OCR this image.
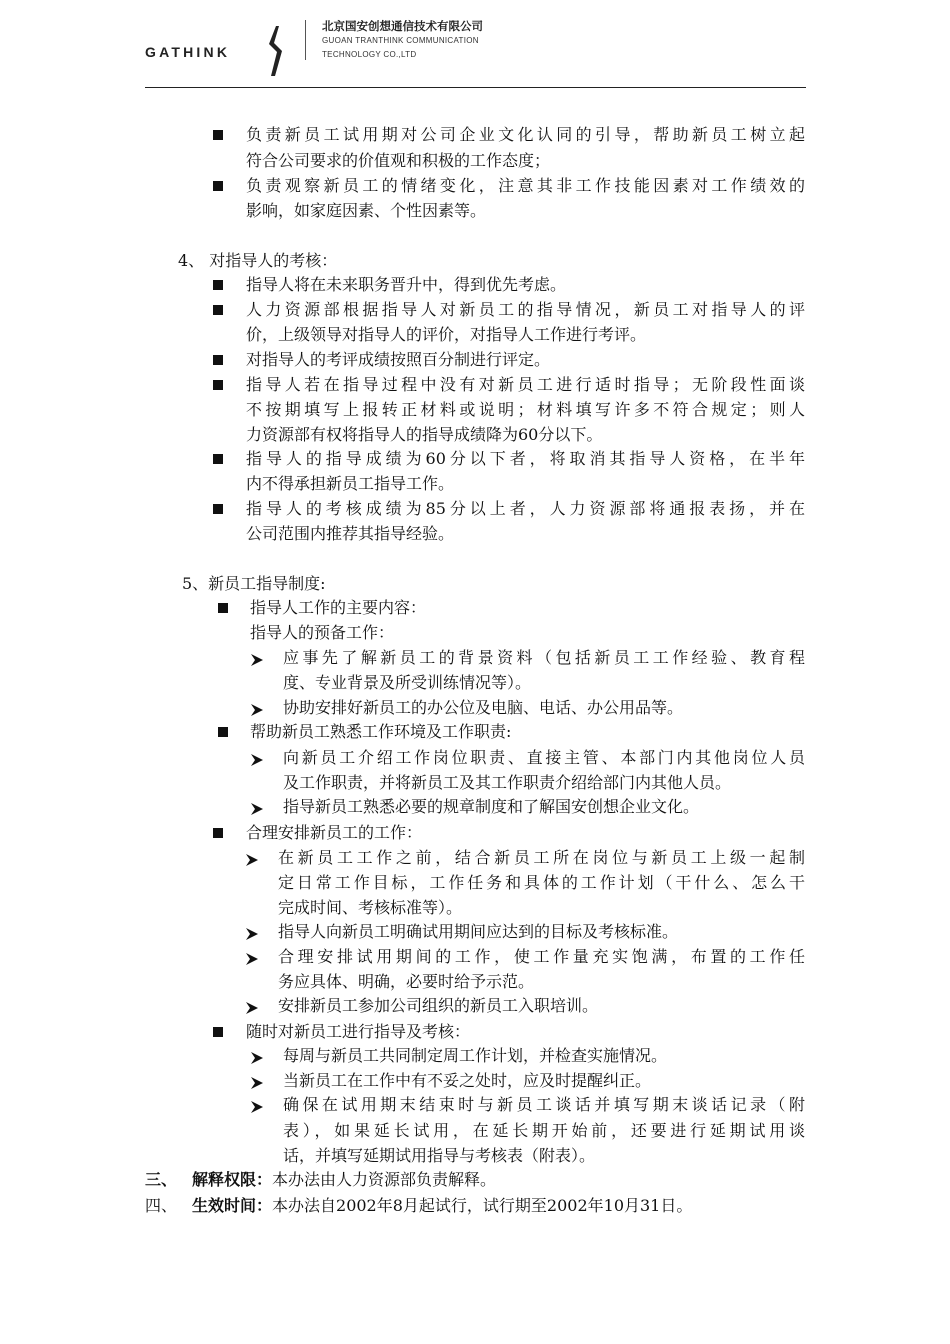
GATHINK
北京国安创想通信技术有限公司
GUOAN TRANTHINK COMMUNICATION
TECHNOLOGY CO.,LTD
负责新员工试用期对公司企业文化认同的引导，帮助新员工树立起
符合公司要求的价值观和积极的工作态度；
负责观察新员工的情绪变化，注意其非工作技能因素对工作绩效的
影响，如家庭因素、个性因素等。
4、 对指导人的考核：
指导人将在未来职务晋升中，得到优先考虑。
人力资源部根据指导人对新员工的指导情况，新员工对指导人的评
价，上级领导对指导人的评价，对指导人工作进行考评。
对指导人的考评成绩按照百分制进行评定。
指导人若在指导过程中没有对新员工进行适时指导；无阶段性面谈
不按期填写上报转正材料或说明；材料填写许多不符合规定；则人
力资源部有权将指导人的指导成绩降为60分以下。
指导人的指导成绩为60分以下者，将取消其指导人资格，在半年
内不得承担新员工指导工作。
指导人的考核成绩为85分以上者，人力资源部将通报表扬，并在
公司范围内推荐其指导经验。
5、新员工指导制度:
指导人工作的主要内容：
指导人的预备工作：
应事先了解新员工的背景资料（包括新员工工作经验、教育程
度、专业背景及所受训练情况等）。
协助安排好新员工的办公位及电脑、电话、办公用品等。
帮助新员工熟悉工作环境及工作职责:
向新员工介绍工作岗位职责、直接主管、本部门内其他岗位人员
及工作职责，并将新员工及其工作职责介绍给部门内其他人员。
指导新员工熟悉必要的规章制度和了解国安创想企业文化。
合理安排新员工的工作：
在新员工工作之前，结合新员工所在岗位与新员工上级一起制
定日常工作目标，工作任务和具体的工作计划（干什么、怎么干
完成时间、考核标准等）。
指导人向新员工明确试用期间应达到的目标及考核标准。
合理安排试用期间的工作，使工作量充实饱满，布置的工作任
务应具体、明确，必要时给予示范。
安排新员工参加公司组织的新员工入职培训。
随时对新员工进行指导及考核：
每周与新员工共同制定周工作计划，并检查实施情况。
当新员工在工作中有不妥之处时，应及时提醒纠正。
确保在试用期末结束时与新员工谈话并填写期末谈话记录（附
表），如果延长试用，在延长期开始前，还要进行延期试用谈
话，并填写延期试用指导与考核表（附表）。
三、 解释权限：本办法由人力资源部负责解释。
四、 生效时间：本办法自2002年8月起试行，试行期至2002年10月31日。
